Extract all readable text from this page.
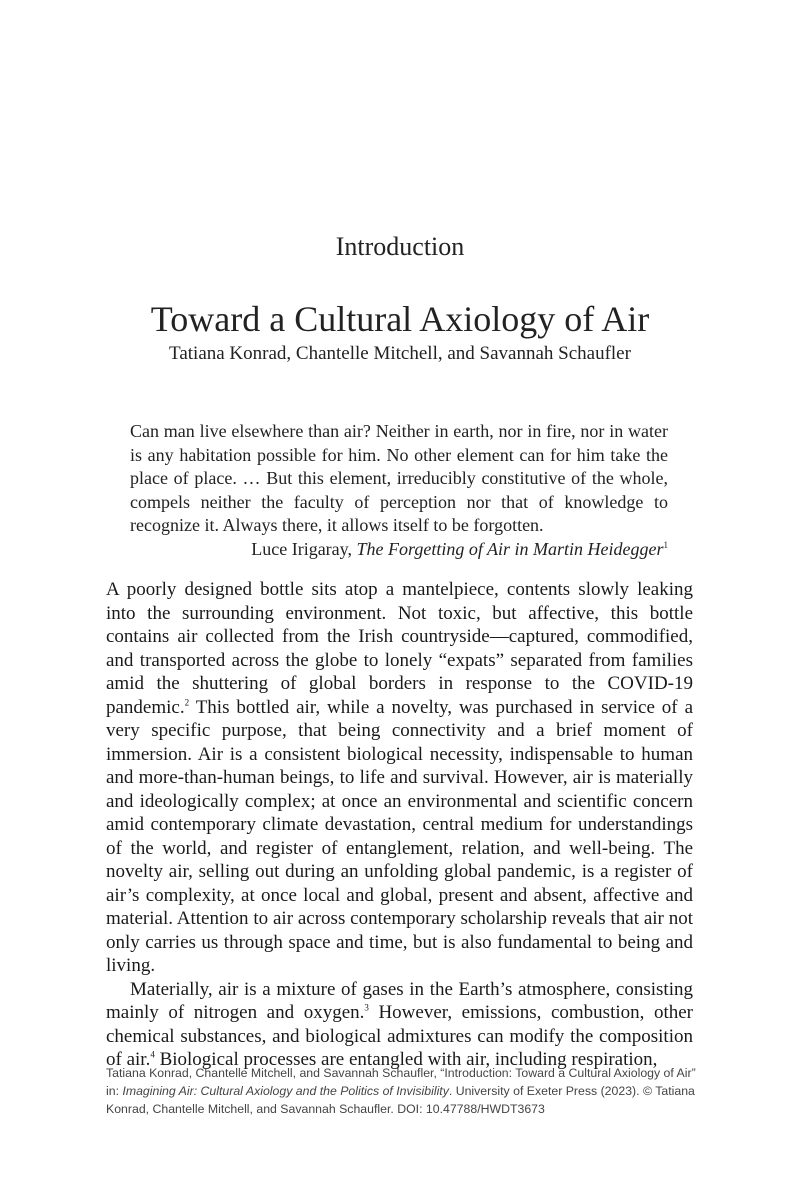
Introduction
Toward a Cultural Axiology of Air
Tatiana Konrad, Chantelle Mitchell, and Savannah Schaufler
Can man live elsewhere than air? Neither in earth, nor in fire, nor in water is any habitation possible for him. No other element can for him take the place of place. … But this element, irreducibly constitutive of the whole, compels neither the faculty of perception nor that of knowledge to recognize it. Always there, it allows itself to be forgotten.
Luce Irigaray, The Forgetting of Air in Martin Heidegger$^1$

A poorly designed bottle sits atop a mantelpiece, contents slowly leaking into the surrounding environment. Not toxic, but affective, this bottle contains air collected from the Irish countryside—captured, commodified, and transported across the globe to lonely “expats” separated from families amid the shuttering of global borders in response to the COVID-19 pandemic.$^2$ This bottled air, while a novelty, was purchased in service of a very specific purpose, that being connectivity and a brief moment of immersion. Air is a consistent biological necessity, indispensable to human and more-than-human beings, to life and survival. However, air is materially and ideologically complex; at once an environmental and scientific concern amid contemporary climate devastation, central medium for understandings of the world, and register of entanglement, relation, and well-being. The novelty air, selling out during an unfolding global pandemic, is a register of air’s complexity, at once local and global, present and absent, affective and material. Attention to air across contemporary scholarship reveals that air not only carries us through space and time, but is also fundamental to being and living.

Materially, air is a mixture of gases in the Earth’s atmosphere, consisting mainly of nitrogen and oxygen.$^3$ However, emissions, combustion, other chemical substances, and biological admixtures can modify the composition of air.$^4$ Biological processes are entangled with air, including respiration,

Tatiana Konrad, Chantelle Mitchell, and Savannah Schaufler, “Introduction: Toward a Cultural Axiology of Air” in: Imagining Air: Cultural Axiology and the Politics of Invisibility. University of Exeter Press (2023). © Tatiana Konrad, Chantelle Mitchell, and Savannah Schaufler. DOI: 10.47788/HWDT3673
